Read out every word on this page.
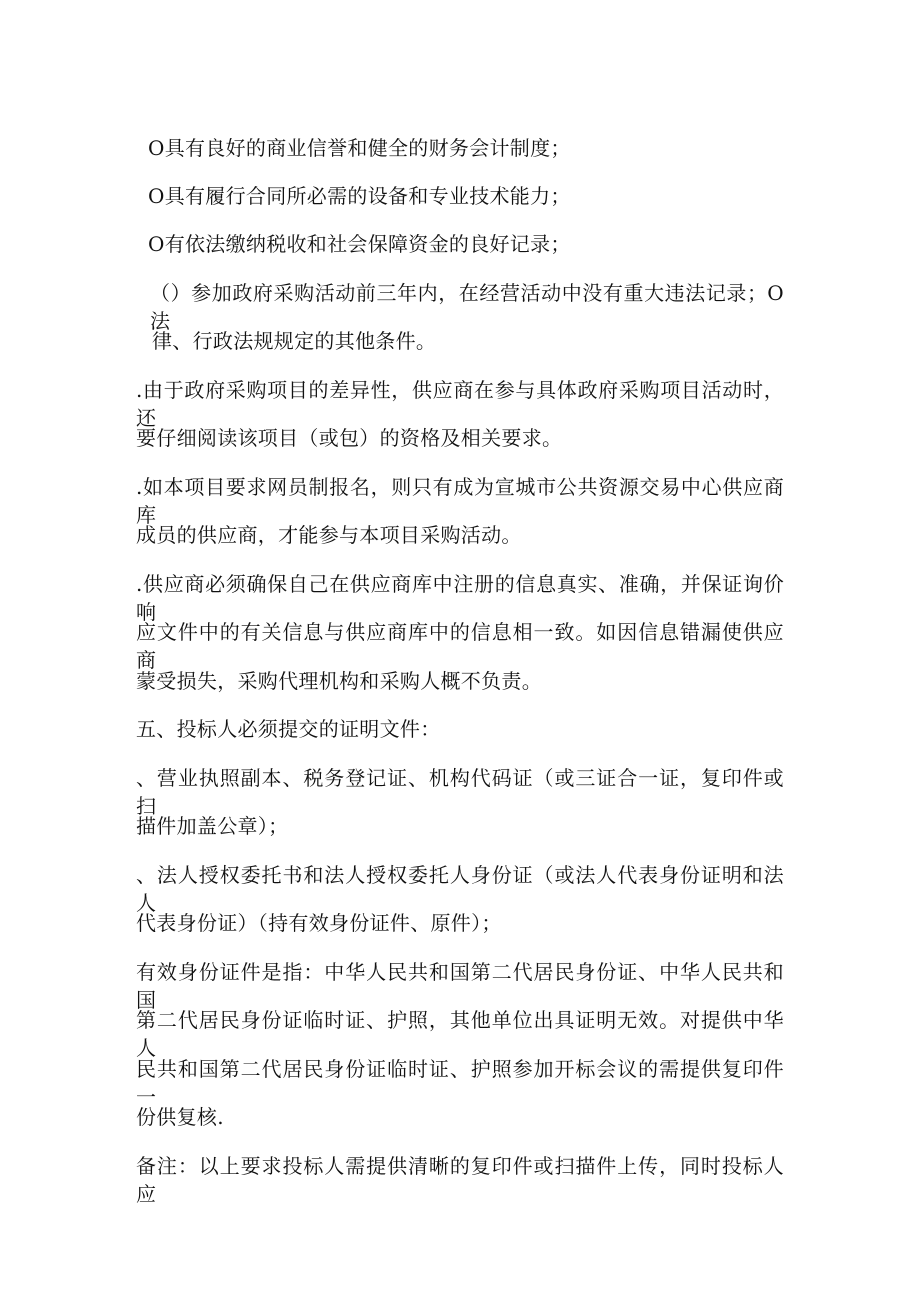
O具有良好的商业信誉和健全的财务会计制度；
O具有履行合同所必需的设备和专业技术能力；
O有依法缴纳税收和社会保障资金的良好记录；
（）参加政府采购活动前三年内，在经营活动中没有重大违法记录；O法
律、行政法规规定的其他条件。
.由于政府采购项目的差异性，供应商在参与具体政府采购项目活动时，还
要仔细阅读该项目（或包）的资格及相关要求。
.如本项目要求网员制报名，则只有成为宣城市公共资源交易中心供应商库
成员的供应商，才能参与本项目采购活动。
.供应商必须确保自己在供应商库中注册的信息真实、准确，并保证询价响
应文件中的有关信息与供应商库中的信息相一致。如因信息错漏使供应商
蒙受损失，采购代理机构和采购人概不负责。
五、投标人必须提交的证明文件：
、营业执照副本、税务登记证、机构代码证（或三证合一证，复印件或扫
描件加盖公章）；
、法人授权委托书和法人授权委托人身份证（或法人代表身份证明和法人
代表身份证）（持有效身份证件、原件）；
有效身份证件是指：中华人民共和国第二代居民身份证、中华人民共和国
第二代居民身份证临时证、护照，其他单位出具证明无效。对提供中华人
民共和国第二代居民身份证临时证、护照参加开标会议的需提供复印件一
份供复核.
备注：以上要求投标人需提供清晰的复印件或扫描件上传，同时投标人应
